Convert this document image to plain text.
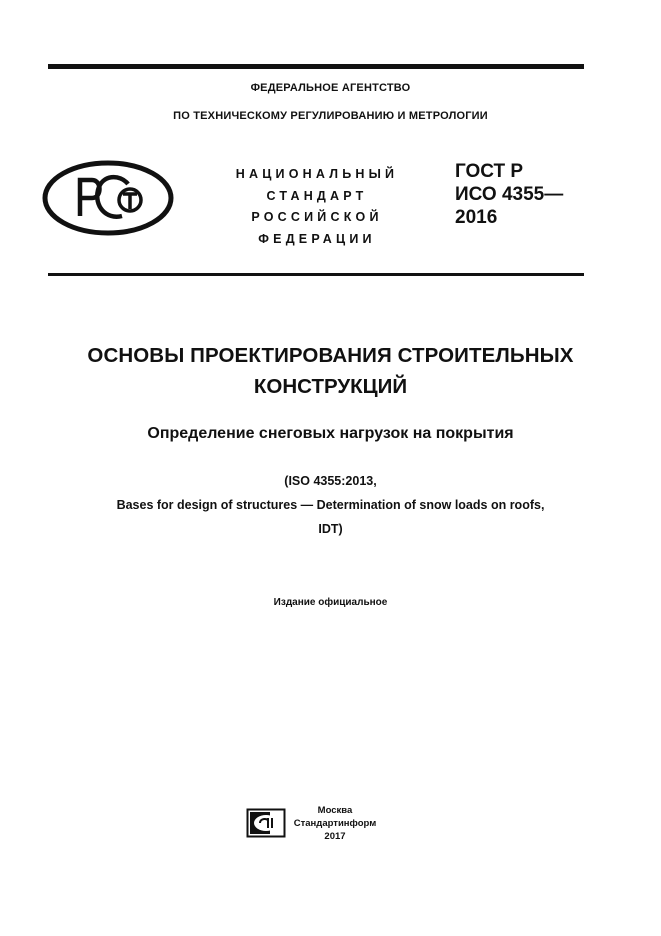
ФЕДЕРАЛЬНОЕ АГЕНТСТВО
ПО ТЕХНИЧЕСКОМУ РЕГУЛИРОВАНИЮ И МЕТРОЛОГИИ
НАЦИОНАЛЬНЫЙ
СТАНДАРТ
РОССИЙСКОЙ
ФЕДЕРАЦИИ
ГОСТ Р
ИСО 4355—
2016
ОСНОВЫ ПРОЕКТИРОВАНИЯ СТРОИТЕЛЬНЫХ
КОНСТРУКЦИЙ
Определение снеговых нагрузок на покрытия
(ISO 4355:2013,
Bases for design of structures — Determination of snow loads on roofs,
IDT)
Издание официальное
Москва
Стандартинформ
2017
